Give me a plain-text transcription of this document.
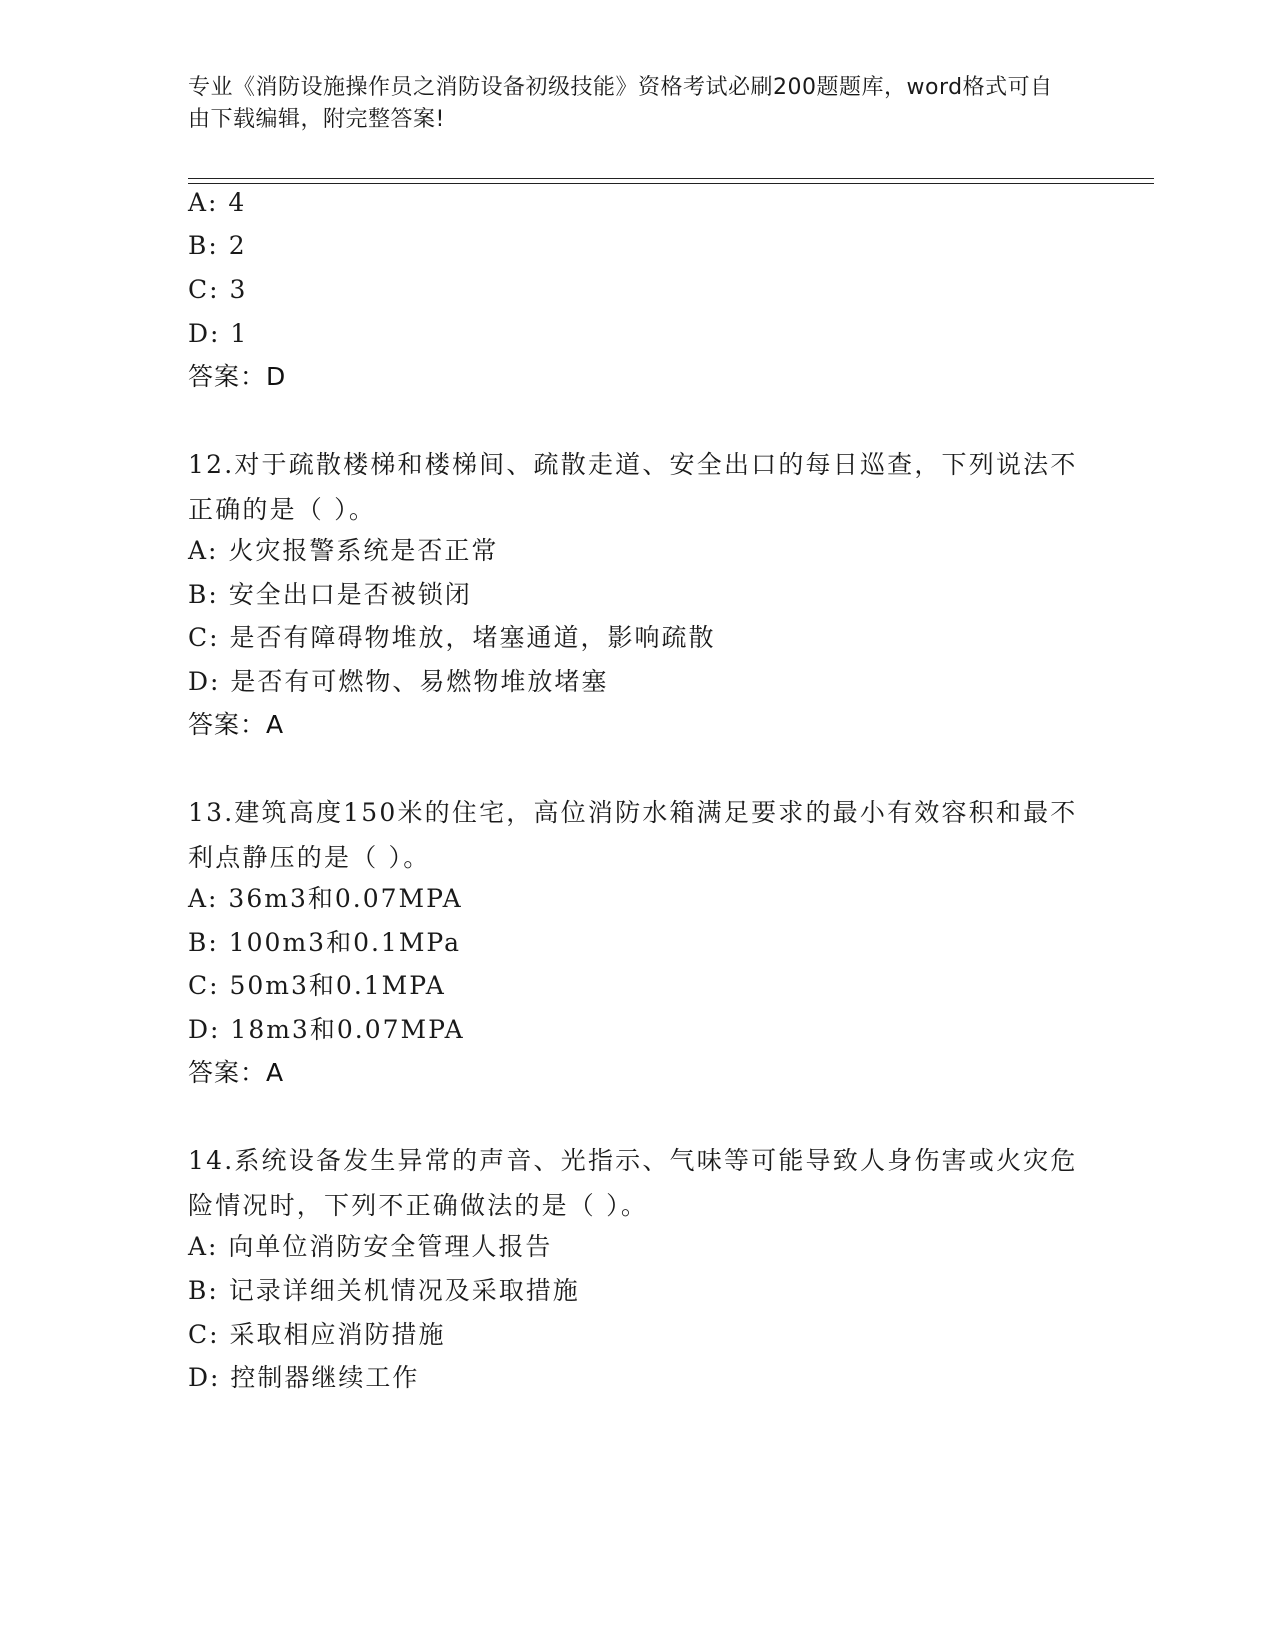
专业《消防设施操作员之消防设备初级技能》资格考试必刷200题题库，word格式可自由下载编辑，附完整答案!
A: 4
B: 2
C: 3
D: 1
答案：D
12.对于疏散楼梯和楼梯间、疏散走道、安全出口的每日巡查，下列说法不正确的是（ ）。
A: 火灾报警系统是否正常
B: 安全出口是否被锁闭
C: 是否有障碍物堆放，堵塞通道，影响疏散
D: 是否有可燃物、易燃物堆放堵塞
答案：A
13.建筑高度150米的住宅，高位消防水箱满足要求的最小有效容积和最不利点静压的是（ ）。
A: 36m3和0.07MPA
B: 100m3和0.1MPa
C: 50m3和0.1MPA
D: 18m3和0.07MPA
答案：A
14.系统设备发生异常的声音、光指示、气味等可能导致人身伤害或火灾危险情况时，下列不正确做法的是（ ）。
A: 向单位消防安全管理人报告
B: 记录详细关机情况及采取措施
C: 采取相应消防措施
D: 控制器继续工作
